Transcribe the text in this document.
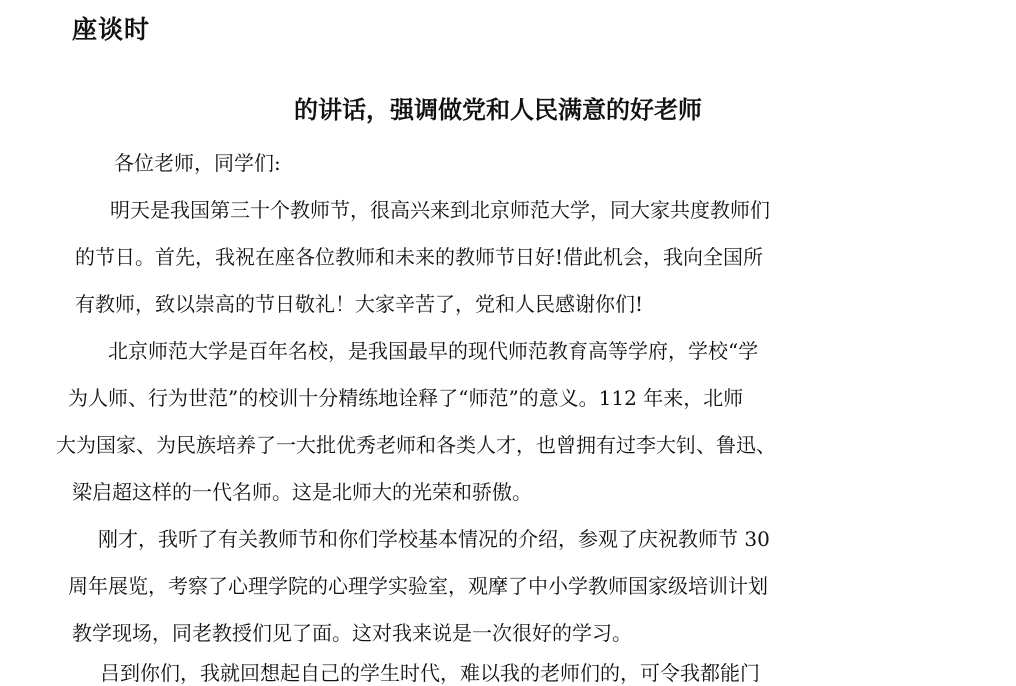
座谈时
的讲话，强调做党和人民满意的好老师
各位老师，同学们:
明天是我国第三十个教师节，很高兴来到北京师范大学，同大家共度教师们
的节日。首先，我祝在座各位教师和未来的教师节日好!借此机会，我向全国所
有教师，致以崇高的节日敬礼！大家辛苦了，党和人民感谢你们!
北京师范大学是百年名校，是我国最早的现代师范教育高等学府，学校“学
为人师、行为世范”的校训十分精练地诠释了“师范”的意义。112 年来，北师
大为国家、为民族培养了一大批优秀老师和各类人才，也曾拥有过李大钊、鲁迅、
梁启超这样的一代名师。这是北师大的光荣和骄傲。
刚才，我听了有关教师节和你们学校基本情况的介绍，参观了庆祝教师节 30
周年展览，考察了心理学院的心理学实验室，观摩了中小学教师国家级培训计划
教学现场，同老教授们见了面。这对我来说是一次很好的学习。
吕到你们，我就回想起自己的学生时代，难以我的老师们的，可令我都能门
